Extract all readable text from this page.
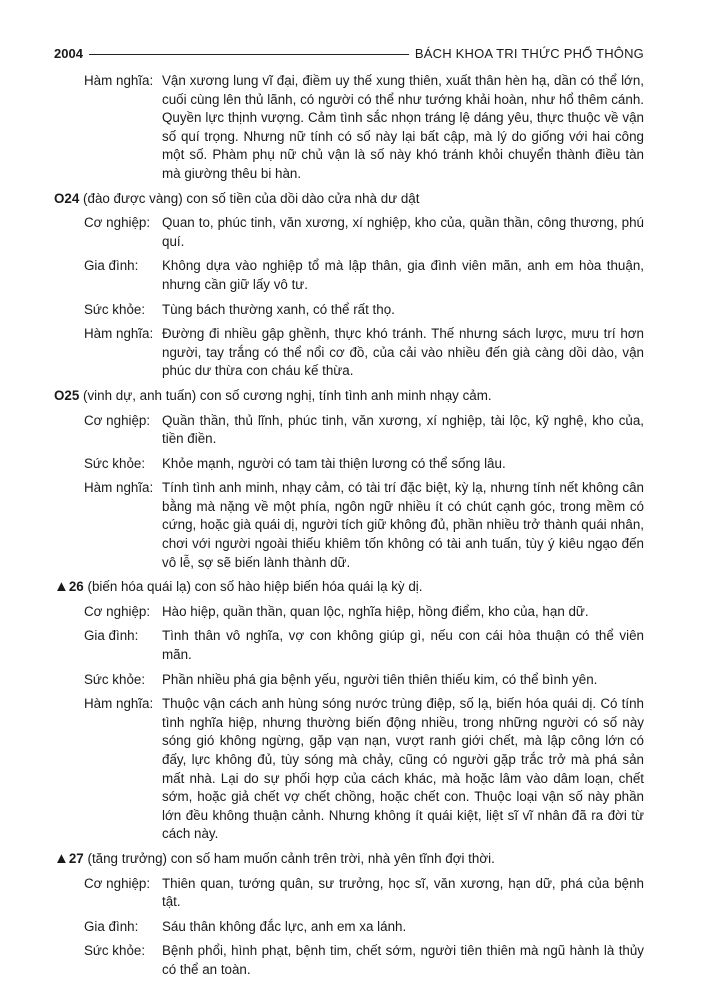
2004	BÁCH KHOA TRI THỨC PHỔ THÔNG
Hàm nghĩa: Vận xương lung vĩ đại, điềm uy thế xung thiên, xuất thân hèn hạ, dần có thể lớn, cuối cùng lên thủ lãnh, có người có thể như tướng khải hoàn, như hổ thêm cánh. Quyền lực thịnh vượng. Cảm tình sắc nhọn tráng lệ dáng yêu, thực thuộc về vận số quí trọng. Nhưng nữ tính có số này lại bất cập, mà lý do giống với hai công một số. Phàm phụ nữ chủ vận là số này khó tránh khỏi chuyển thành điều tàn mà giường thêu bi hàn.
O24 (đào được vàng) con số tiền của dồi dào cửa nhà dư dật
Cơ nghiệp: Quan to, phúc tinh, văn xương, xí nghiệp, kho của, quần thần, công thương, phú quí.
Gia đình:	Không dựa vào nghiệp tổ mà lập thân, gia đình viên mãn, anh em hòa thuận, nhưng cần giữ lấy vô tư.
Sức khỏe:	Tùng bách thường xanh, có thể rất thọ.
Hàm nghĩa: Đường đi nhiều gập ghềnh, thực khó tránh. Thế nhưng sách lược, mưu trí hơn người, tay trắng có thể nổi cơ đồ, của cải vào nhiều đến già càng dồi dào, vận phúc dư thừa con cháu kế thừa.
O25 (vinh dự, anh tuấn) con số cương nghị, tính tình anh minh nhạy cảm.
Cơ nghiệp: Quần thần, thủ lĩnh, phúc tinh, văn xương, xí nghiệp, tài lộc, kỹ nghệ, kho của, tiền điền.
Sức khỏe:	Khỏe mạnh, người có tam tài thiện lương có thể sống lâu.
Hàm nghĩa: Tính tình anh minh, nhạy cảm, có tài trí đặc biệt, kỳ lạ, nhưng tính nết không cân bằng mà nặng về một phía, ngôn ngữ nhiều ít có chút cạnh góc, trong mềm có cứng, hoặc già quái dị, người tích giữ không đủ, phần nhiều trở thành quái nhân, chơi với người ngoài thiếu khiêm tốn không có tài anh tuấn, tùy ý kiêu ngạo đến vô lễ, sợ sẽ biến lành thành dữ.
▲26 (biến hóa quái lạ) con số hào hiệp biến hóa quái lạ kỳ dị.
Cơ nghiệp: Hào hiệp, quần thần, quan lộc, nghĩa hiệp, hồng điểm, kho của, hạn dữ.
Gia đình:	Tình thân vô nghĩa, vợ con không giúp gì, nếu con cái hòa thuận có thể viên mãn.
Sức khỏe:	Phần nhiều phá gia bệnh yếu, người tiên thiên thiếu kim, có thể bình yên.
Hàm nghĩa: Thuộc vận cách anh hùng sóng nước trùng điệp, số lạ, biến hóa quái dị. Có tính tình nghĩa hiệp, nhưng thường biến động nhiều, trong những người có số này sóng gió không ngừng, gặp vạn nạn, vượt ranh giới chết, mà lập công lớn có đấy, lực không đủ, tùy sóng mà chảy, cũng có người gặp trắc trở mà phá sản mất nhà. Lại do sự phối hợp của cách khác, mà hoặc lâm vào dâm loạn, chết sớm, hoặc giả chết vợ chết chồng, hoặc chết con. Thuộc loại vận số này phần lớn đều không thuận cảnh. Nhưng không ít quái kiệt, liệt sĩ vĩ nhân đã ra đời từ cách này.
▲27 (tăng trưởng) con số ham muốn cảnh trên trời, nhà yên tĩnh đợi thời.
Cơ nghiệp: Thiên quan, tướng quân, sư trưởng, học sĩ, văn xương, hạn dữ, phá của bệnh tật.
Gia đình:	Sáu thân không đắc lực, anh em xa lánh.
Sức khỏe:	Bệnh phổi, hình phạt, bệnh tim, chết sớm, người tiên thiên mà ngũ hành là thủy có thể an toàn.
